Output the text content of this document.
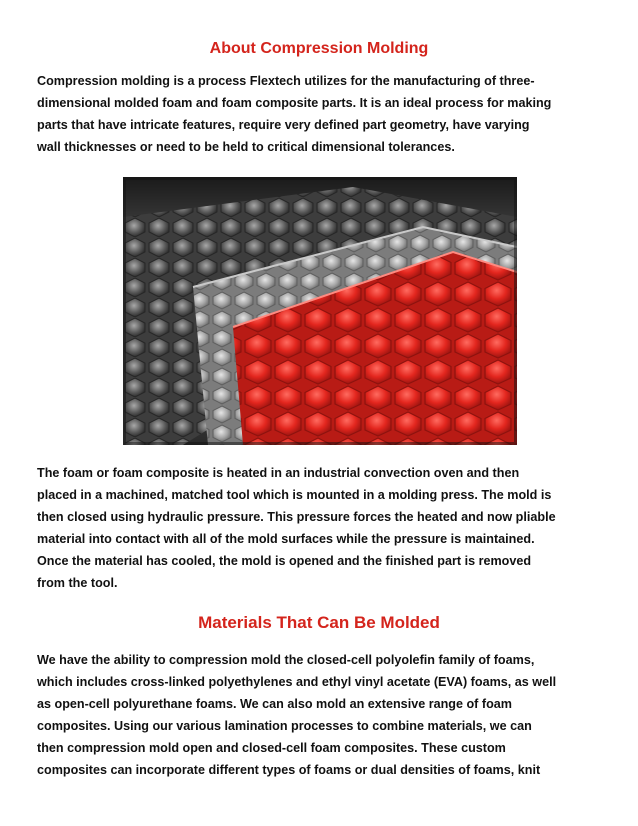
About Compression Molding
Compression molding is a process Flextech utilizes for the manufacturing of three-
dimensional molded foam and foam composite parts. It is an ideal process for making
parts that have intricate features, require very defined part geometry, have varying
wall thicknesses or need to be held to critical dimensional tolerances.
The foam or foam composite is heated in an industrial convection oven and then
placed in a machined, matched tool which is mounted in a molding press. The mold is
then closed using hydraulic pressure. This pressure forces the heated and now pliable
material into contact with all of the mold surfaces while the pressure is maintained.
Once the material has cooled, the mold is opened and the finished part is removed
from the tool.
Materials That Can Be Molded
We have the ability to compression mold the closed-cell polyolefin family of foams,
which includes cross-linked polyethylenes and ethyl vinyl acetate (EVA) foams, as well
as open-cell polyurethane foams. We can also mold an extensive range of foam
composites. Using our various lamination processes to combine materials, we can
then compression mold open and closed-cell foam composites. These custom
composites can incorporate different types of foams or dual densities of foams, knit
